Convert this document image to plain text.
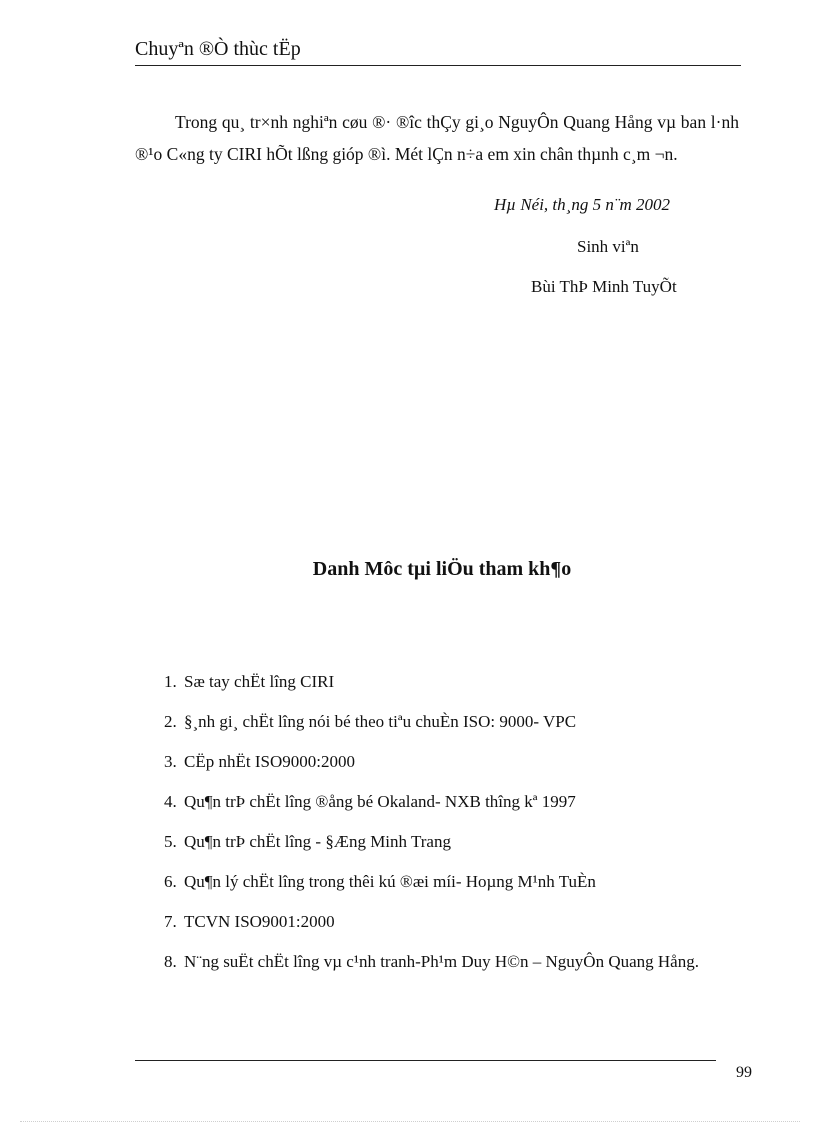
Chuyªn ®Ò thùc tËp

Trong qu¸ tr×nh nghiªn cøu ®· ®îc thÇy gi¸o NguyÔn Quang Hång vµ ban l·nh ®¹o C«ng ty CIRI hÕt lßng gióp ®ì. Mét lÇn n÷a em xin chân thµnh c¸m ¬n.

Hµ Néi, th¸ng 5 n¨m 2002
Sinh viªn
Bùi ThÞ Minh TuyÕt
Danh Môc tµi liÖu tham kh¶o
1. Sæ tay chËt lîng CIRI
2. §¸nh gi¸ chËt lîng nói bé theo tiªu chuÈn ISO: 9000- VPC
3. CËp nhËt ISO9000:2000
4. Qu¶n trÞ chËt lîng ®ång bé Okaland- NXB thîng kª 1997
5. Qu¶n trÞ chËt lîng - §Æng Minh Trang
6. Qu¶n lý chËt lîng trong thêi kú ®æi míi- Hoµng M¹nh TuÈn
7. TCVN ISO9001:2000
8. N¨ng suËt chËt lîng vµ c¹nh tranh-Ph¹m Duy H©n – NguyÔn Quang Hång.
99
